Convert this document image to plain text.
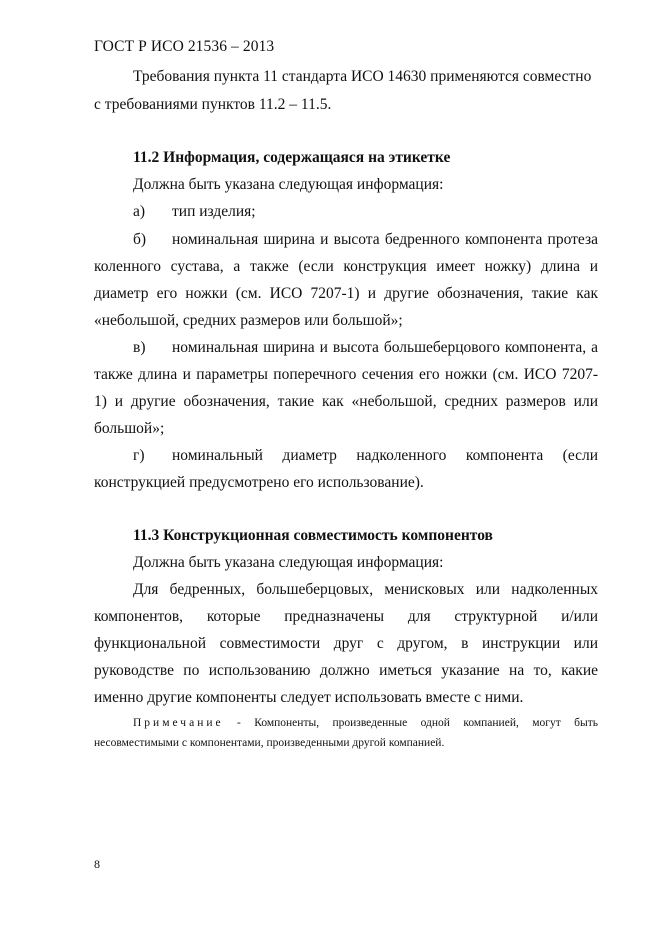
ГОСТ Р ИСО 21536 – 2013
Требования пункта 11 стандарта ИСО 14630 применяются совместно
с требованиями пунктов 11.2 – 11.5.
11.2 Информация, содержащаяся на этикетке
Должна быть указана следующая информация:
а) тип изделия;
б) номинальная ширина и высота бедренного компонента протеза
коленного сустава, а также (если конструкция имеет ножку) длина и
диаметр его ножки (см. ИСО 7207-1) и другие обозначения, такие как
«небольшой, средних размеров или большой»;
в) номинальная ширина и высота большеберцового компонента, а
также длина и параметры поперечного сечения его ножки (см. ИСО 7207-
1) и другие обозначения, такие как «небольшой, средних размеров или
большой»;
г) номинальный диаметр надколенного компонента (если
конструкцией предусмотрено его использование).
11.3 Конструкционная совместимость компонентов
Должна быть указана следующая информация:
Для бедренных, большеберцовых, менисковых или надколенных
компонентов, которые предназначены для структурной и/или
функциональной совместимости друг с другом, в инструкции или
руководстве по использованию должно иметься указание на то, какие
именно другие компоненты следует использовать вместе с ними.
Примечание - Компоненты, произведенные одной компанией, могут быть
несовместимыми с компонентами, произведенными другой компанией.
8
